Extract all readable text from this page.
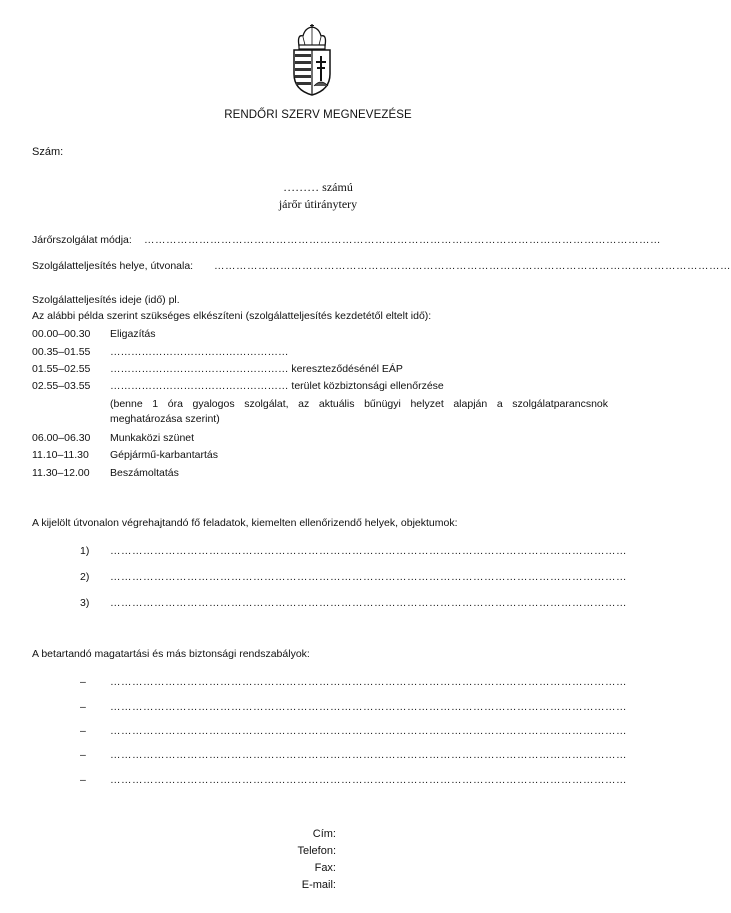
RENDŐRI SZERV MEGNEVEZÉSE
Szám:
……… számú
járőr útiránytery
Járőrszolgálat módja: ……………………………………………………………………………………………………………………………
Szolgálatteljesítés helye, útvonala: ……………………………………………………………………………………………………………………………
Szolgálatteljesítés ideje (idő) pl.
Az alábbi példa szerint szükséges elkészíteni (szolgálatteljesítés kezdetétől eltelt idő):
00.00–00.30 Eligazítás
00.35–01.55 ……………………………………………
01.55–02.55 …………………………………………… kereszteződésénél EÁP
02.55–03.55 …………………………………………… terület közbiztonsági ellenőrzése
(benne 1 óra gyalogos szolgálat, az aktuális bűnügyi helyzet alapján a szolgálatparancsnok meghatározása szerint)
06.00–06.30 Munkaközi szünet
11.10–11.30 Gépjármű-karbantartás
11.30–12.00 Beszámoltatás
A kijelölt útvonalon végrehajtandó fő feladatok, kiemelten ellenőrizendő helyek, objektumok:
1) ……………………………………………………………………………………………………………………………
2) ……………………………………………………………………………………………………………………………
3) ……………………………………………………………………………………………………………………………
A betartandó magatartási és más biztonsági rendszabályok:
– ……………………………………………………………………………………………………………………………
– ……………………………………………………………………………………………………………………………
– ……………………………………………………………………………………………………………………………
– ……………………………………………………………………………………………………………………………
– ……………………………………………………………………………………………………………………………
Cím:
Telefon:
Fax:
E-mail:
